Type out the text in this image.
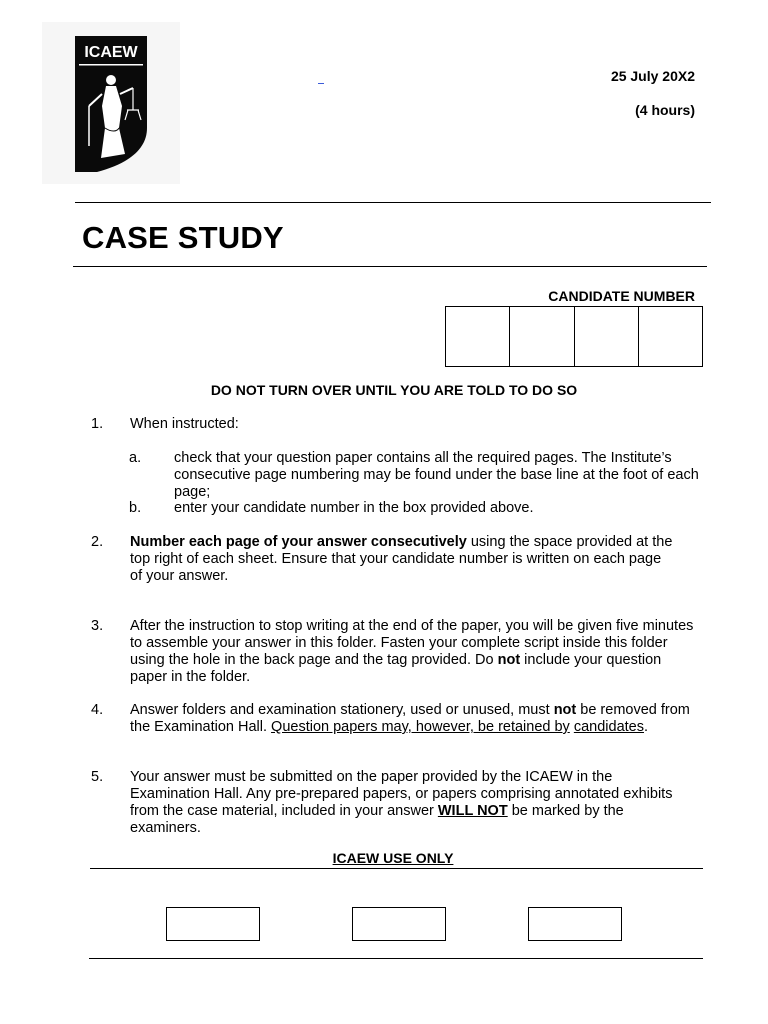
ICAEW
25 July 20X2
(4 hours)
CASE STUDY
CANDIDATE NUMBER
DO NOT TURN OVER UNTIL YOU ARE TOLD TO DO SO
1. When instructed:
a. check that your question paper contains all the required pages. The Institute’s consecutive page numbering may be found under the base line at the foot of each page;
b. enter your candidate number in the box provided above.
2. Number each page of your answer consecutively using the space provided at the top right of each sheet. Ensure that your candidate number is written on each page
of your answer.
3. After the instruction to stop writing at the end of the paper, you will be given five minutes to assemble your answer in this folder. Fasten your complete script inside this folder using the hole in the back page and the tag provided. Do not include your question paper in the folder.
4. Answer folders and examination stationery, used or unused, must not be removed from the Examination Hall. Question papers may, however, be retained by candidates.
5. Your answer must be submitted on the paper provided by the ICAEW in the Examination Hall. Any pre-prepared papers, or papers comprising annotated exhibits from the case material, included in your answer WILL NOT be marked by the examiners.
ICAEW USE ONLY
